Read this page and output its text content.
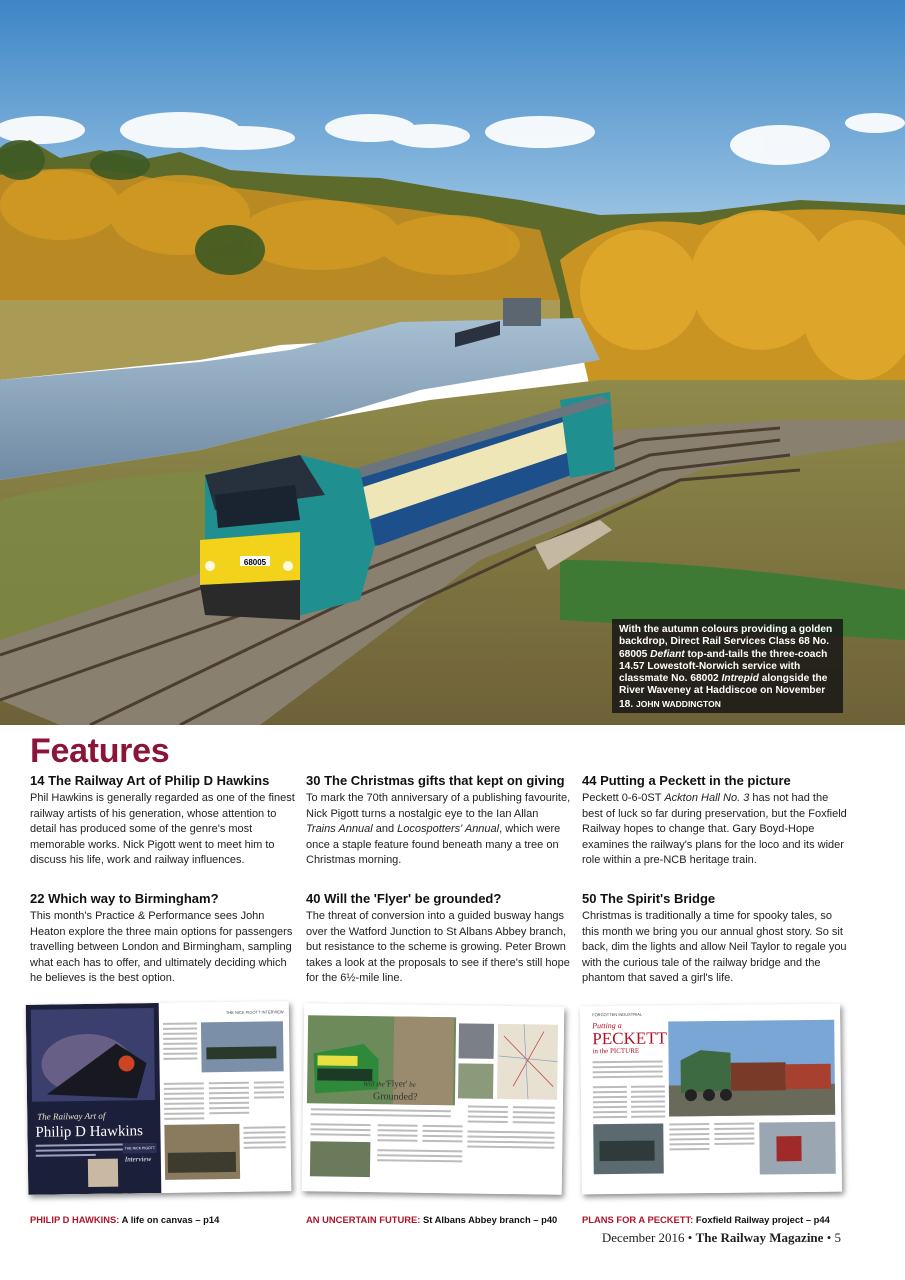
68005
With the autumn colours providing a golden backdrop, Direct Rail Services Class 68 No. 68005 Defiant top-and-tails the three-coach 14.57 Lowestoft-Norwich service with classmate No. 68002 Intrepid alongside the River Waveney at Haddiscoe on November 18. JOHN WADDINGTON
Features
14 The Railway Art of Philip D Hawkins

Phil Hawkins is generally regarded as one of the finest railway artists of his generation, whose attention to detail has produced some of the genre's most memorable works. Nick Pigott went to meet him to discuss his life, work and railway influences.

30 The Christmas gifts that kept on giving

To mark the 70th anniversary of a publishing favourite, Nick Pigott turns a nostalgic eye to the Ian Allan Trains Annual and Locospotters' Annual, which were once a staple feature found beneath many a tree on Christmas morning.

44 Putting a Peckett in the picture

Peckett 0-6-0ST Ackton Hall No. 3 has not had the best of luck so far during preservation, but the Foxfield Railway hopes to change that. Gary Boyd-Hope examines the railway's plans for the loco and its wider role within a pre-NCB heritage train.

22 Which way to Birmingham?

This month's Practice & Performance sees John Heaton explore the three main options for passengers travelling between London and Birmingham, sampling what each has to offer, and ultimately deciding which he believes is the best option.

40 Will the 'Flyer' be grounded?

The threat of conversion into a guided busway hangs over the Watford Junction to St Albans Abbey branch, but resistance to the scheme is growing. Peter Brown takes a look at the proposals to see if there's still hope for the 6½-mile line.

50 The Spirit's Bridge

Christmas is traditionally a time for spooky tales, so this month we bring you our annual ghost story. So sit back, dim the lights and allow Neil Taylor to regale you with the curious tale of the railway bridge and the phantom that saved a girl's life.

The Railway Art of
Philip D Hawkins
THE NICK PIGOTT
Interview
THE NICK PIGOTT INTERVIEW
Will the 'Flyer' be
Grounded?
FORGOTTEN INDUSTRIAL
Putting a
PECKETT
in the PICTURE
PHILIP D HAWKINS: A life on canvas – p14	AN UNCERTAIN FUTURE: St Albans Abbey branch – p40	PLANS FOR A PECKETT: Foxfield Railway project – p44
December 2016 • The Railway Magazine • 5
